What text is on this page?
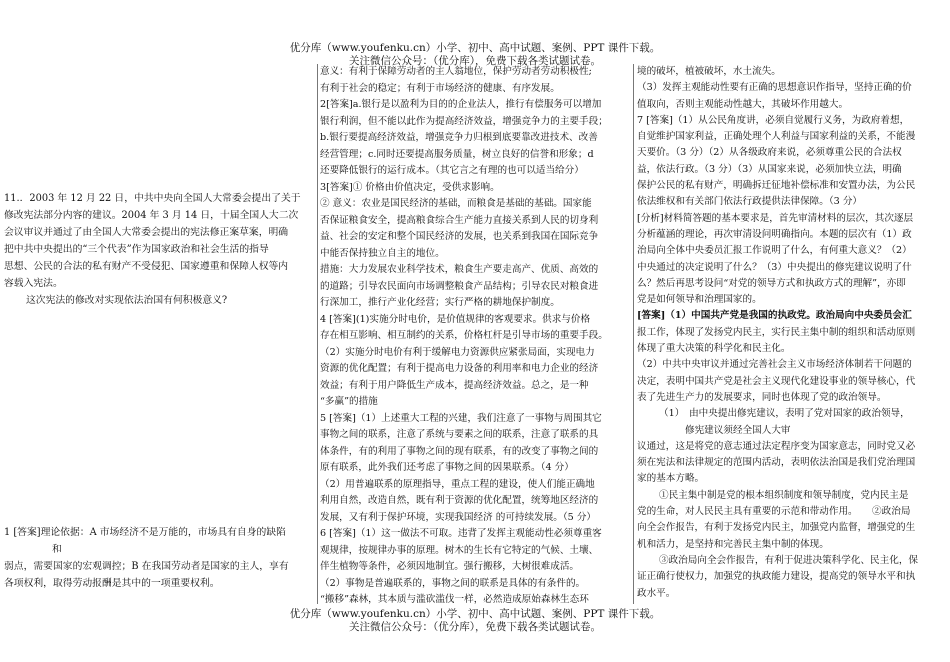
优分库（www.youfenku.cn）小学、初中、高中试题、案例、PPT 课件下载。
关注微信公众号：（优分库），免费下载各类试题试卷。

11.．2003 年 12 月 22 日，中共中央向全国人大常委会提出了关于

修改宪法部分内容的建议。2004 年 3 月 14 日，十届全国人大二次

会议审议并通过了由全国人大常委会提出的宪法修正案草案，明确

把中共中央提出的“三个代表”作为国家政治和社会生活的指导

思想、公民的合法的私有财产不受侵犯、国家遵重和保障人权等内

容载入宪法。

这次宪法的修改对实现依法治国有何积极意义?

1 [答案]理论依据：A 市场经济不是万能的，市场具有自身的缺陷

和

弱点，需要国家的宏观调控；B 在我国劳动者是国家的主人，享有

各项权利，取得劳动报酬是其中的一项重要权利。

意义：有利于保障劳动者的主人翁地位，保护劳动者劳动积极性;

有利于社会的稳定；有利于市场经济的健康、有序发展。

2[答案]a.银行是以盈利为目的的企业法人，推行有偿服务可以增加

银行利润，但不能以此作为提高经济效益，增强竞争力的主要手段；

b.银行要提高经济效益，增强竞争力归根到底要靠改进技术、改善

经营管理；c.同时还要提高服务质量，树立良好的信誉和形象；d

还要降低银行的运行成本。（其它言之有理的也可以适当给分）

3[答案]① 价格由价值决定，受供求影响。

② 意义：农业是国民经济的基础，而粮食是基础的基础。国家能

否保证粮食安全，提高粮食综合生产能力直接关系到人民的切身利

益、社会的安定和整个国民经济的发展，也关系到我国在国际竞争

中能否保持独立自主的地位。

措施：大力发展农业科学技术，粮食生产要走高产、优质、高效的

的道路；引导农民面向市场调整粮食产品结构；引导农民对粮食进

行深加工，推行产业化经营；实行严格的耕地保护制度。

4 [答案](1)实施分时电价，是价值规律的客观要求。供求与价格

存在相互影响、相互制约的关系，价格杠杆是引导市场的重要手段。

（2）实施分时电价有利于缓解电力资源供应紧张局面，实现电力

资源的优化配置；有利于提高电力设备的利用率和电力企业的经济

效益；有利于用户降低生产成本，提高经济效益。总之，是一种

“多赢”的措施

5 [答案]（1）上述重大工程的兴建，我们注意了一事物与周围其它

事物之间的联系，注意了系统与要素之间的联系，注意了联系的具

体条件，有的利用了事物之间的现有联系，有的改变了事物之间的

原有联系，此外我们还考虑了事物之间的因果联系。（4 分）

（2）用普遍联系的原理指导，重点工程的建设，使人们能正确地

利用自然，改造自然，既有利于资源的优化配置，统筹地区经济的

发展，又有利于保护环境，实现我国经济 的可持续发展。（5 分）

6 [答案]（1）这一做法不可取。违背了发挥主观能动性必须尊重客

观规律，按规律办事的原理。树木的生长有它特定的气候、土壤、

伴生植物等条件，必须因地制宜。强行搬移，大树很难成活。

（2）事物是普遍联系的，事物之间的联系是具体的有条件的。

“搬移”森林，其本质与滥砍滥伐一样，必然造成原始森林生态环

境的破坏，植被破坏，水土流失。

（3）发挥主观能动性要有正确的思想意识作指导，坚持正确的价

值取向，否则主观能动性越大，其破坏作用越大。

7 [答案]（1）从公民角度讲，必须自觉履行义务，为政府着想，

自觉维护国家利益，正确处理个人利益与国家利益的关系，不能漫

天要价。（3 分）（2）从各级政府来说，必须尊重公民的合法权

益，依法行政。（3 分）（3）从国家来说，必须加快立法，明确

保护公民的私有财产，明确拆迁征地补偿标准和安置办法，为公民

依法维权和有关部门依法行政提供法律保障。（3 分）

[分析]材料简答题的基本要求是，首先审清材料的层次，其次逐层

分析蕴涵的理论，再次审清设问明确指向。本题的层次有（1）政

治局向全体中央委员汇报工作说明了什么，有何重大意义？（2）

中央通过的决定说明了什么？（3）中央提出的修宪建议说明了什

么？然后再思考设问“对党的领导方式和执政方式的理解”，亦即

党是如何领导和治理国家的。

[答案]（1）中国共产党是我国的执政党。政治局向中央委员会汇

报工作，体现了发扬党内民主，实行民主集中制的组织和活动原则

体现了重大决策的科学化和民主化。

（2）中共中央审议并通过完善社会主义市场经济体制若干问题的

决定，表明中国共产党是社会主义现代化建设事业的领导核心，代

表了先进生产力的发展要求，同时也体现了党的政治领导。

（1）　由中央提出修宪建议，表明了党对国家的政治领导，

修宪建议须经全国人大审

议通过，这是将党的意志通过法定程序变为国家意志，同时党又必

须在宪法和法律规定的范围内活动，表明依法治国是我们党治理国

家的基本方略。

①民主集中制是党的根本组织制度和领导制度，党内民主是

党的生命，对人民民主具有重要的示范和带动作用。　　②政治局

向全会作报告，有利于发扬党内民主，加强党内监督，增强党的生

机和活力，是坚持和完善民主集中制的体现。

③政治局向全会作报告，有利于促进决策科学化、民主化，保

证正确行使权力，加强党的执政能力建设，提高党的领导水平和执

政水平。

优分库（www.youfenku.cn）小学、初中、高中试题、案例、PPT 课件下载。
关注微信公众号：（优分库），免费下载各类试题试卷。
